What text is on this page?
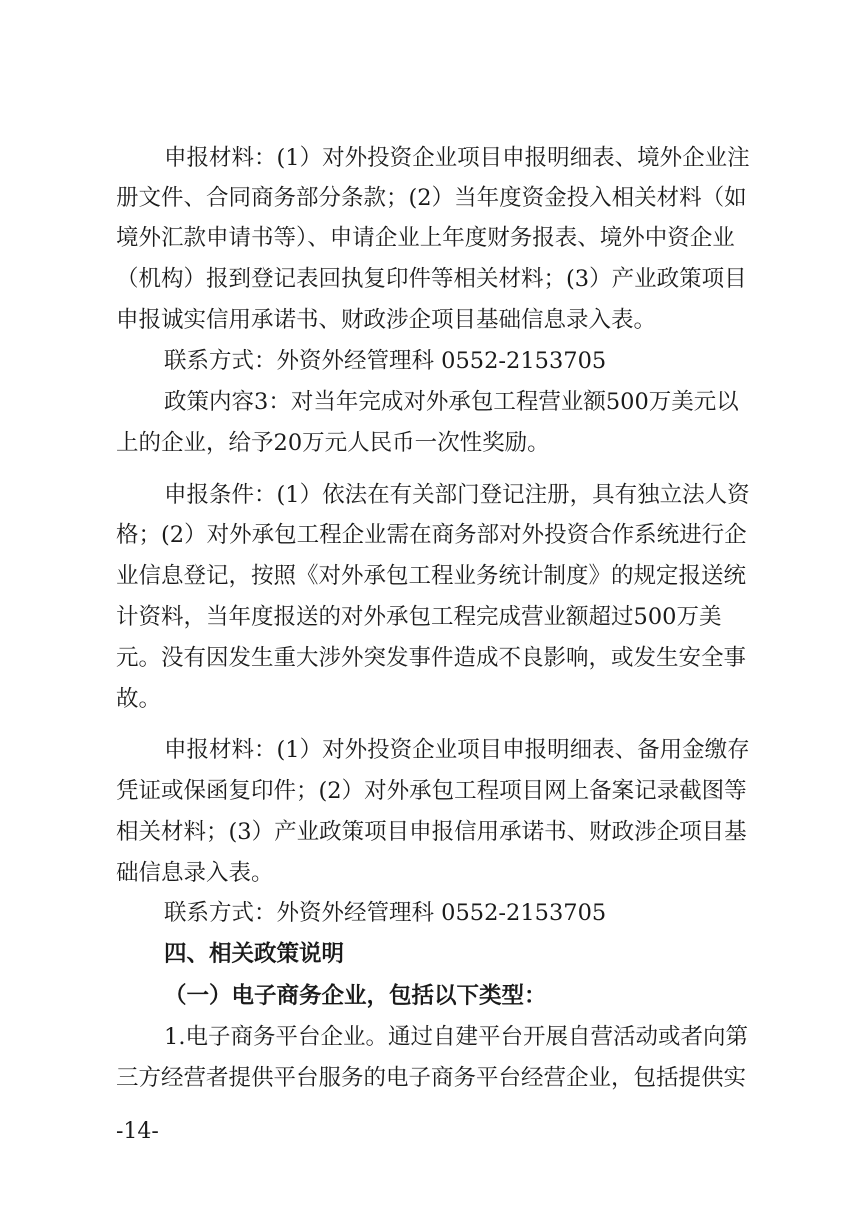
申报材料：(1）对外投资企业项目申报明细表、境外企业注
册文件、合同商务部分条款；(2）当年度资金投入相关材料（如
境外汇款申请书等）、申请企业上年度财务报表、境外中资企业
（机构）报到登记表回执复印件等相关材料；(3）产业政策项目
申报诚实信用承诺书、财政涉企项目基础信息录入表。
联系方式：外资外经管理科 0552-2153705
政策内容3：对当年完成对外承包工程营业额500万美元以
上的企业，给予20万元人民币一次性奖励。
申报条件：(1）依法在有关部门登记注册，具有独立法人资
格；(2）对外承包工程企业需在商务部对外投资合作系统进行企
业信息登记，按照《对外承包工程业务统计制度》的规定报送统
计资料，当年度报送的对外承包工程完成营业额超过500万美
元。没有因发生重大涉外突发事件造成不良影响，或发生安全事
故。
申报材料：(1）对外投资企业项目申报明细表、备用金缴存
凭证或保函复印件；(2）对外承包工程项目网上备案记录截图等
相关材料；(3）产业政策项目申报信用承诺书、财政涉企项目基
础信息录入表。
联系方式：外资外经管理科 0552-2153705
四、相关政策说明
（一）电子商务企业，包括以下类型：
1.电子商务平台企业。通过自建平台开展自营活动或者向第
三方经营者提供平台服务的电子商务平台经营企业，包括提供实
-14-
